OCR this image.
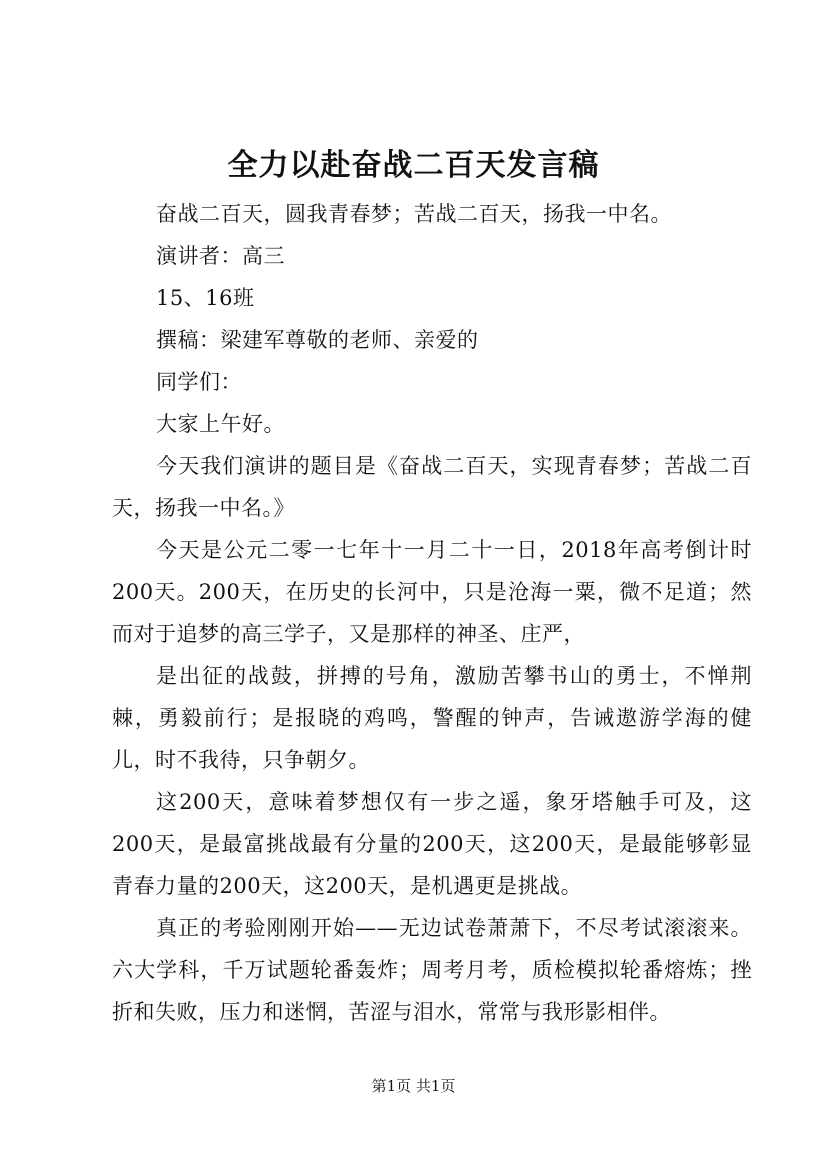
全力以赴奋战二百天发言稿

奋战二百天，圆我青春梦；苦战二百天，扬我一中名。

演讲者：高三

15、16班

撰稿：梁建军尊敬的老师、亲爱的

同学们：

大家上午好。

今天我们演讲的题目是《奋战二百天，实现青春梦；苦战二百天，扬我一中名。》

今天是公元二零一七年十一月二十一日，2018年高考倒计时200天。200天，在历史的长河中，只是沧海一粟，微不足道；然而对于追梦的高三学子，又是那样的神圣、庄严，

是出征的战鼓，拼搏的号角，激励苦攀书山的勇士，不惮荆棘，勇毅前行；是报晓的鸡鸣，警醒的钟声，告诫遨游学海的健儿，时不我待，只争朝夕。

这200天，意味着梦想仅有一步之遥，象牙塔触手可及，这200天，是最富挑战最有分量的200天，这200天，是最能够彰显青春力量的200天，这200天，是机遇更是挑战。

真正的考验刚刚开始——无边试卷萧萧下，不尽考试滚滚来。六大学科，千万试题轮番轰炸；周考月考，质检模拟轮番熔炼；挫折和失败，压力和迷惘，苦涩与泪水，常常与我形影相伴。

第1页 共1页
